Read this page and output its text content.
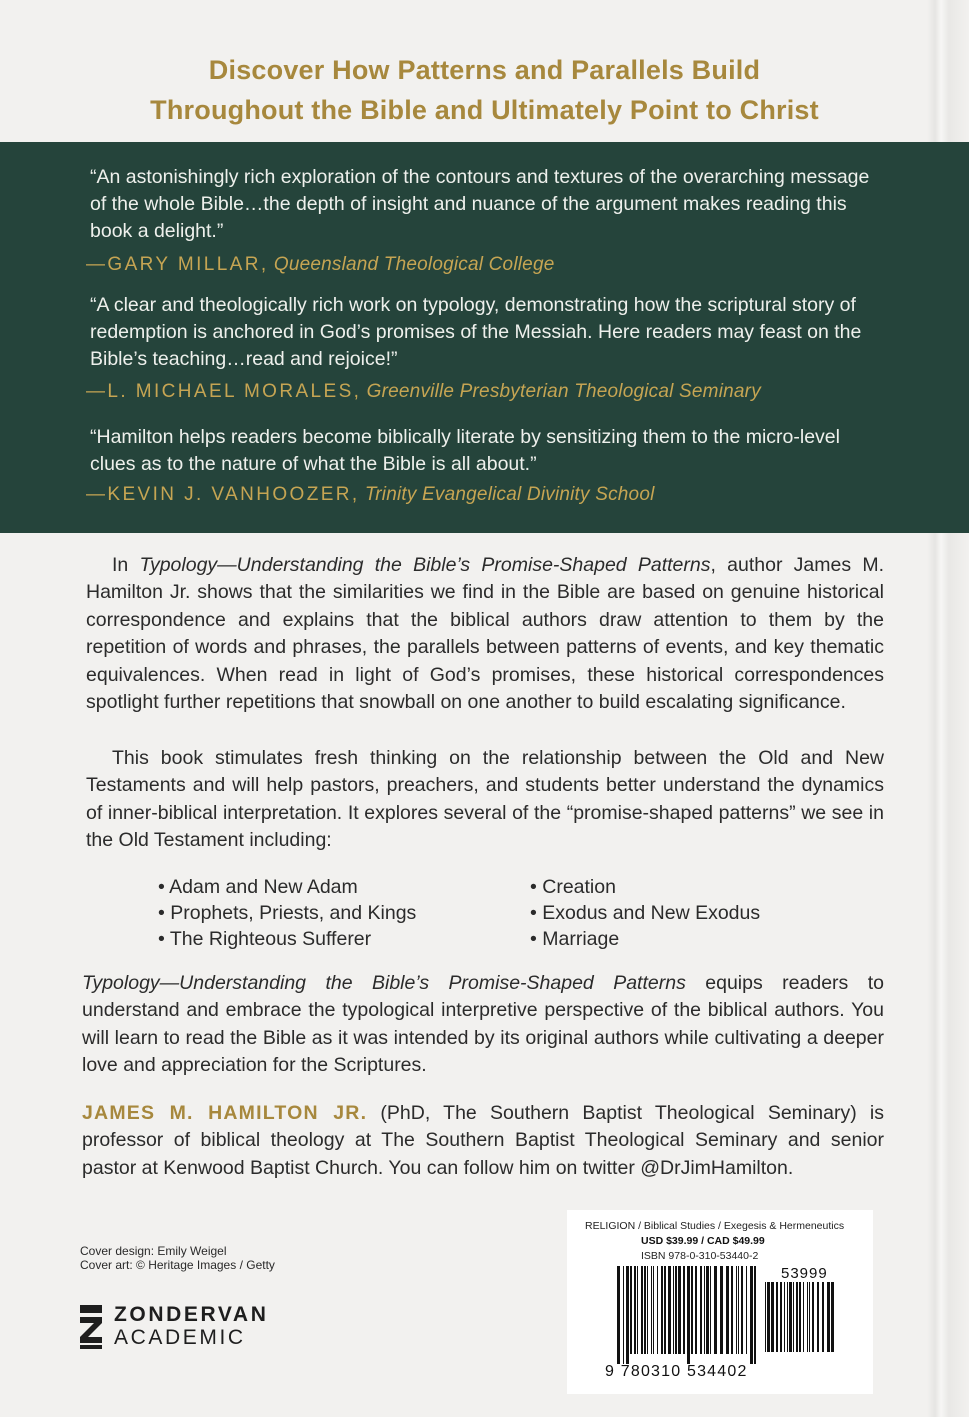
Discover How Patterns and Parallels Build
Throughout the Bible and Ultimately Point to Christ
“An astonishingly rich exploration of the contours and textures of the overarching message of the whole Bible…the depth of insight and nuance of the argument makes reading this book a delight.”
—GARY MILLAR, Queensland Theological College
“A clear and theologically rich work on typology, demonstrating how the scriptural story of redemption is anchored in God’s promises of the Messiah. Here readers may feast on the Bible’s teaching…read and rejoice!”
—L. MICHAEL MORALES, Greenville Presbyterian Theological Seminary
“Hamilton helps readers become biblically literate by sensitizing them to the micro-level clues as to the nature of what the Bible is all about.”
—KEVIN J. VANHOOZER, Trinity Evangelical Divinity School
In Typology—Understanding the Bible’s Promise-Shaped Patterns, author James M. Hamilton Jr. shows that the similarities we find in the Bible are based on genuine historical correspondence and explains that the biblical authors draw attention to them by the repetition of words and phrases, the parallels between patterns of events, and key thematic equivalences. When read in light of God’s promises, these historical correspondences spotlight further repetitions that snowball on one another to build escalating significance.
This book stimulates fresh thinking on the relationship between the Old and New Testaments and will help pastors, preachers, and students better understand the dynamics of inner-biblical interpretation. It explores several of the “promise-shaped patterns” we see in the Old Testament including:
• Adam and New Adam
• Prophets, Priests, and Kings
• The Righteous Sufferer
• Creation
• Exodus and New Exodus
• Marriage
Typology—Understanding the Bible’s Promise-Shaped Patterns equips readers to understand and embrace the typological interpretive perspective of the biblical authors. You will learn to read the Bible as it was intended by its original authors while cultivating a deeper love and appreciation for the Scriptures.
JAMES M. HAMILTON JR. (PhD, The Southern Baptist Theological Seminary) is professor of biblical theology at The Southern Baptist Theological Seminary and senior pastor at Kenwood Baptist Church. You can follow him on twitter @DrJimHamilton.
Cover design: Emily Weigel
Cover art: © Heritage Images / Getty
ZONDERVAN
ACADEMIC
RELIGION / Biblical Studies / Exegesis & Hermeneutics
USD $39.99 / CAD $49.99
ISBN 978-0-310-53440-2
53999
9 780310 534402
